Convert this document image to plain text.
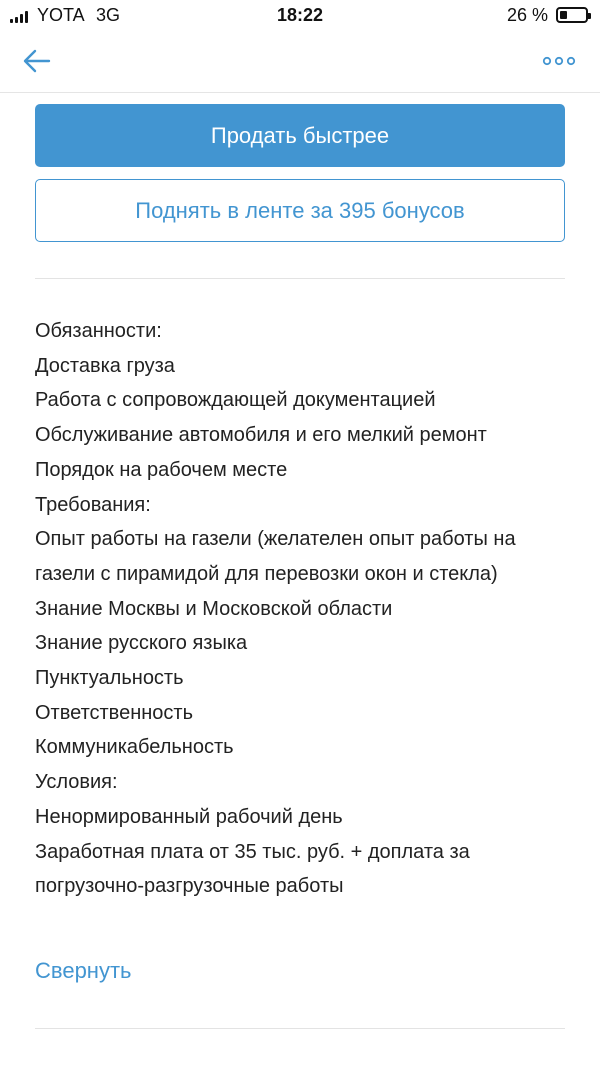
YOTA 3G	18:22	26 %
Продать быстрее
Поднять в ленте за 395 бонусов
Обязанности:
Доставка груза
Работа с сопровождающей документацией
Обслуживание автомобиля и его мелкий ремонт
Порядок на рабочем месте
Требования:
Опыт работы на газели (желателен опыт работы на
газели с пирамидой для перевозки окон и стекла)
Знание Москвы и Московской области
Знание русского языка
Пунктуальность
Ответственность
Коммуникабельность
Условия:
Ненормированный рабочий день
Заработная плата от 35 тыс. руб. + доплата за
погрузочно-разгрузочные работы
Свернуть
